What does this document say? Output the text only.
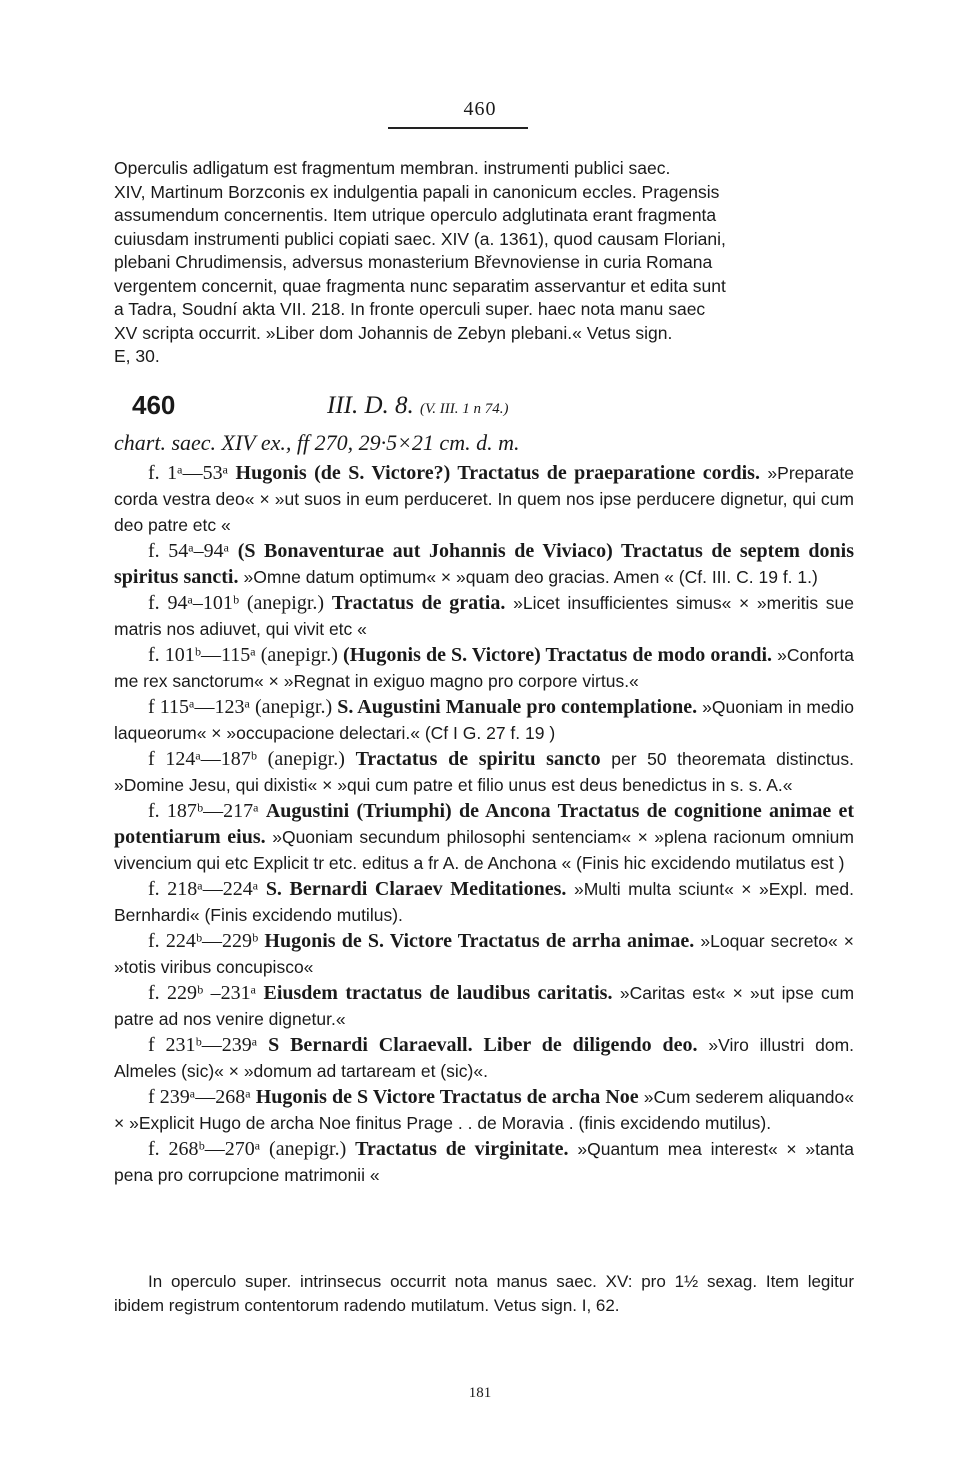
460
Operculis adligatum est fragmentum membran. instrumenti publici saec.
XIV, Martinum Borzconis ex indulgentia papali in canonicum eccles. Pragensis
assumendum concernentis. Item utrique operculo adglutinata erant fragmenta
cuiusdam instrumenti publici copiati saec. XIV (a. 1361), quod causam Floriani,
plebani Chrudimensis, adversus monasterium Břevnoviense in curia Romana
vergentem concernit, quae fragmenta nunc separatim asservantur et edita sunt
a Tadra, Soudní akta VII. 218. In fronte operculi super. haec nota manu saec
XV scripta occurrit. »Liber dom Johannis de Zebyn plebani.« Vetus sign.
E, 30.
460	III. D. 8. (V. III. 1 n 74.)
chart. saec. XIV ex., ff 270, 29·5×21 cm. d. m.

f. 1ᵃ—53ᵃ Hugonis (de S. Victore?) Tractatus de praeparatione cordis. »Preparate corda vestra deo« × »ut suos in eum perduceret. In quem nos ipse perducere dignetur, qui cum deo patre etc «

f. 54ᵃ–94ᵃ (S Bonaventurae aut Johannis de Viviaco) Tractatus de septem donis spiritus sancti. »Omne datum optimum« × »quam deo gracias. Amen « (Cf. III. C. 19 f. 1.)

f. 94ᵃ–101ᵇ (anepigr.) Tractatus de gratia. »Licet insufficientes simus« × »meritis sue matris nos adiuvet, qui vivit etc «

f. 101ᵇ—115ᵃ (anepigr.) (Hugonis de S. Victore) Tractatus de modo orandi. »Conforta me rex sanctorum« × »Regnat in exiguo magno pro corpore virtus.«

f 115ᵃ—123ᵃ (anepigr.) S. Augustini Manuale pro contemplatione. »Quoniam in medio laqueorum« × »occupacione delectari.« (Cf I G. 27 f. 19 )

f 124ᵃ—187ᵇ (anepigr.) Tractatus de spiritu sancto per 50 theoremata distinctus. »Domine Jesu, qui dixisti« × »qui cum patre et filio unus est deus benedictus in s. s. A.«

f. 187ᵇ—217ᵃ Augustini (Triumphi) de Ancona Tractatus de cognitione animae et potentiarum eius. »Quoniam secundum philosophi sentenciam« × »plena racionum omnium vivencium qui etc Explicit tr etc. editus a fr A. de Anchona « (Finis hic excidendo mutilatus est )

f. 218ᵃ—224ᵃ S. Bernardi Claraev Meditationes. »Multi multa sciunt« × »Expl. med. Bernhardi« (Finis excidendo mutilus).

f. 224ᵇ—229ᵇ Hugonis de S. Victore Tractatus de arrha animae. »Loquar secreto« × »totis viribus concupisco«

f. 229ᵇ –231ᵃ Eiusdem tractatus de laudibus caritatis. »Caritas est« × »ut ipse cum patre ad nos venire dignetur.«

f 231ᵇ—239ᵃ S Bernardi Claraevall. Liber de diligendo deo. »Viro illustri dom. Almeles (sic)« × »domum ad tartaream et (sic)«.

f 239ᵃ—268ᵃ Hugonis de S Victore Tractatus de archa Noe »Cum sederem aliquando« × »Explicit Hugo de archa Noe finitus Prage . . de Moravia . (finis excidendo mutilus).

f. 268ᵇ—270ᵃ (anepigr.) Tractatus de virginitate. »Quantum mea interest« × »tanta pena pro corrupcione matrimonii «

In operculo super. intrinsecus occurrit nota manus saec. XV: pro 1½ sexag. Item legitur ibidem registrum contentorum radendo mutilatum. Vetus sign. I, 62.
181
